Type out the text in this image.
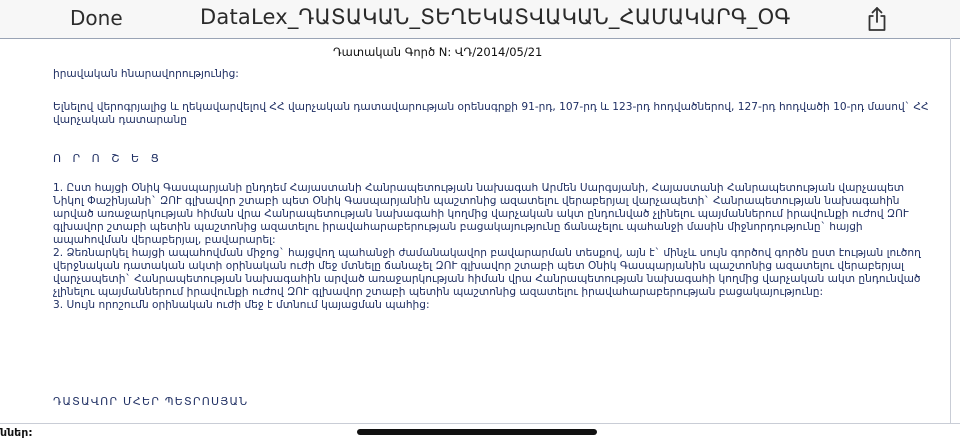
Done	DataLex_ԴԱՏԱԿԱՆ_ՏԵՂԵԿԱՏՎԱԿԱՆ_ՀԱՄԱԿԱՐԳ_ՕԳ
Դատական Գործ N: ՎԴ/2014/05/21
իրավական հնարավորությունից:
Ելնելով վերոգրյալից և ղեկավարվելով ՀՀ վարչական դատավարության օրենսգրքի 91-րդ, 107-րդ և 123-րդ հոդվածներով, 127-րդ հոդվածի 10-րդ մասով` ՀՀ վարչական դատարանը
Ո Ր Ո Շ Ե Ց
1. Ըստ հայցի Օնիկ Գասպարյանի ընդդեմ Հայաստանի Հանրապետության նախագահ Արմեն Սարգսյանի, Հայաստանի Հանրապետության վարչապետ Նիկոլ Փաշինյանի` ԶՈՒ գլխավոր շտաբի պետ Օնիկ Գասպարյանին պաշտոնից ազատելու վերաբերյալ վարչապետի` Հանրապետության նախագահին արված առաջարկության հիման վրա Հանրապետության նախագահի կողմից վարչական ակտ ընդունված չլինելու պայմաններում իրավունքի ուժով ԶՈՒ գլխավոր շտաբի պետին պաշտոնից ազատելու իրավահարաբերության բացակայությունը ճանաչելու պահանջի մասին միջնորդությունը` հայցի ապահովման վերաբերյալ, բավարարել:
2. Ձեռնարկել հայցի ապահովման միջոց` հայցվող պահանջի ժամանակավոր բավարարման տեսքով, այն է` մինչև սույն գործով գործն ըստ էության լուծող վերջնական դատական ակտի օրինական ուժի մեջ մտնելը ճանաչել ԶՈՒ գլխավոր շտաբի պետ Օնիկ Գասպարյանին պաշտոնից ազատելու վերաբերյալ վարչապետի` Հանրապետության նախագահին արված առաջարկության հիման վրա Հանրապետության նախագահի կողմից վարչական ակտ ընդունված չլինելու պայմաններում իրավունքի ուժով ԶՈՒ գլխավոր շտաբի պետին պաշտոնից ազատելու իրավահարաբերության բացակայությունը:
3. Սույն որոշումն օրինական ուժի մեջ է մտնում կայացման պահից:
ԴԱՏԱՎՈՐ ՄՀԵՐ ՊԵՏՐՈՍՅԱՆ
ններ:
